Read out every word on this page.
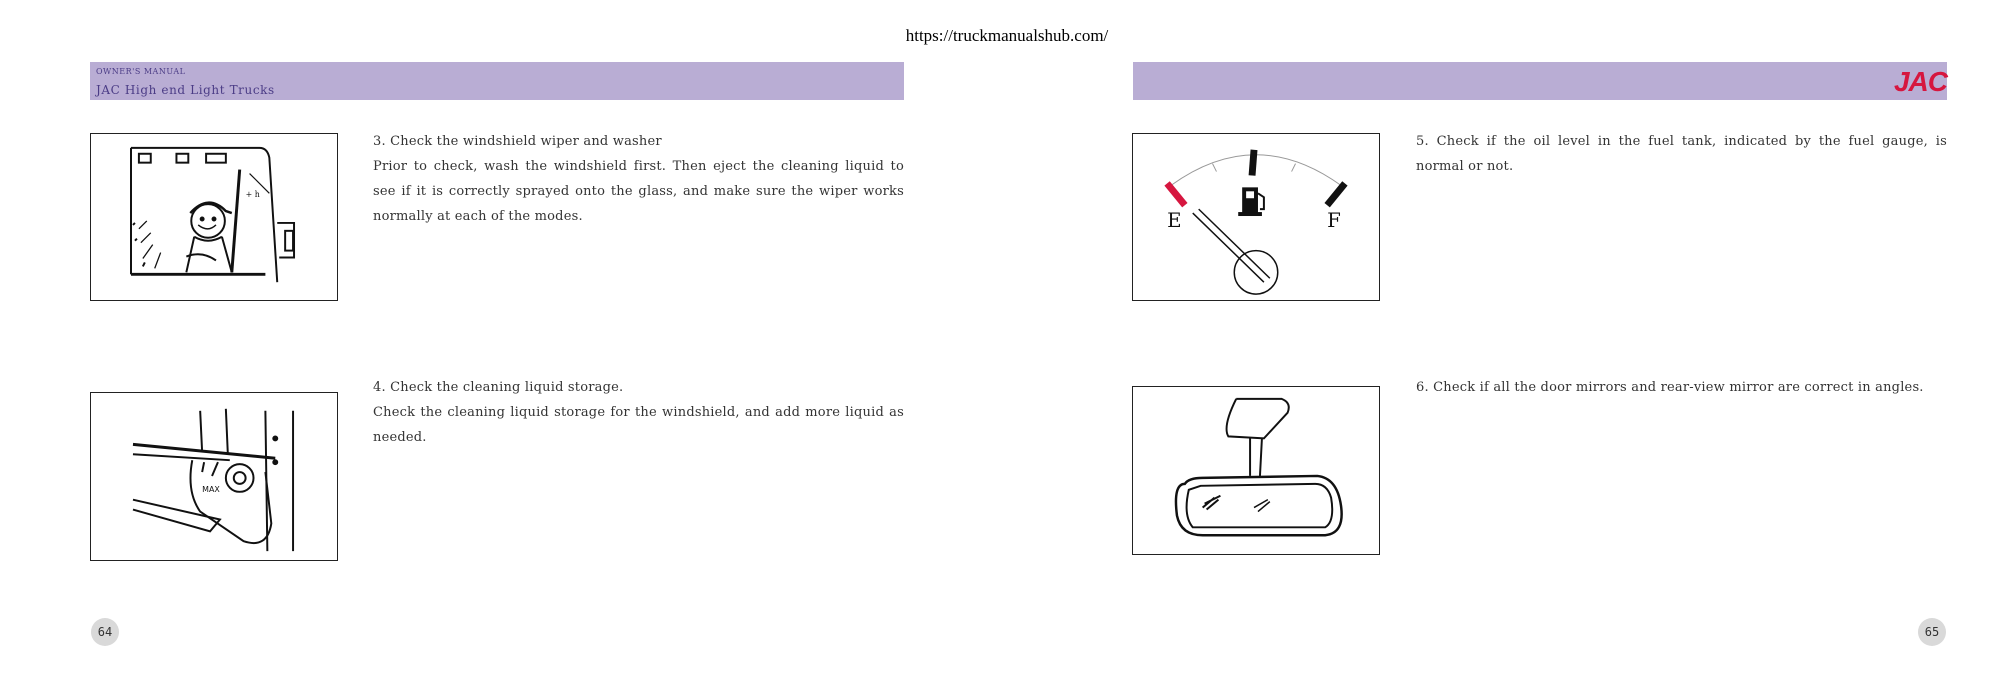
https://truckmanualshub.com/
OWNER'S MANUAL
JAC High end Light Trucks	JAC
+ h

3. Check the windshield wiper and washer

Prior to check, wash the windshield first. Then eject the cleaning liquid to see if it is correctly sprayed onto the glass, and make sure the wiper works normally at each of the modes.

MAX

4. Check the cleaning liquid storage.

Check the cleaning liquid storage for the windshield, and add more liquid as needed.

64
E	F

5. Check if the oil level in the fuel tank, indicated by the fuel gauge, is normal or not.

6. Check if all the door mirrors and rear-view mirror are correct in angles.

65
